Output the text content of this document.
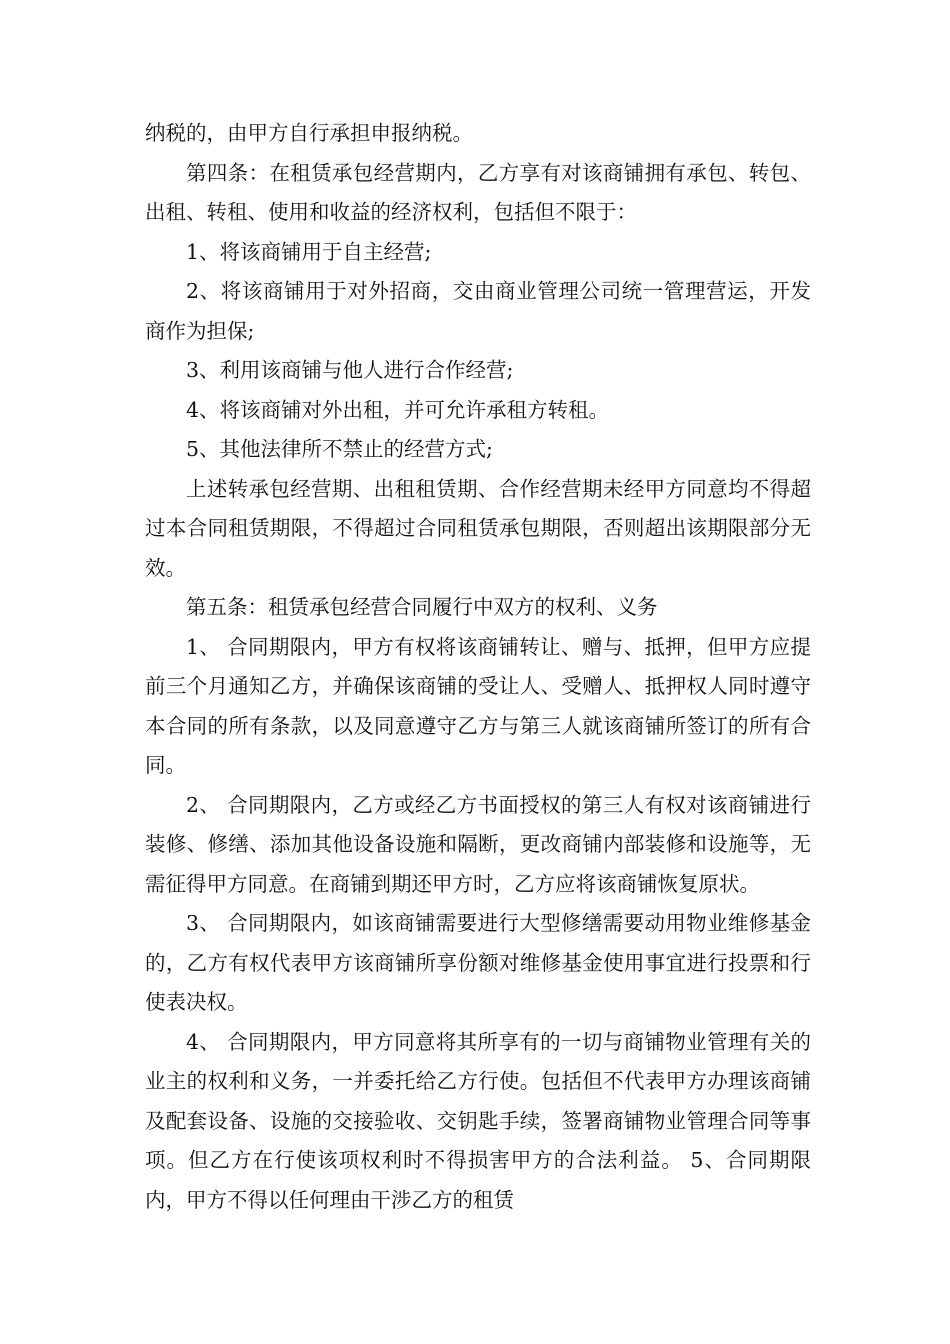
纳税的，由甲方自行承担申报纳税。

第四条：在租赁承包经营期内，乙方享有对该商铺拥有承包、转包、出租、转租、使用和收益的经济权利，包括但不限于：

1、将该商铺用于自主经营;

2、将该商铺用于对外招商，交由商业管理公司统一管理营运，开发商作为担保;

3、利用该商铺与他人进行合作经营;

4、将该商铺对外出租，并可允许承租方转租。

5、其他法律所不禁止的经营方式;

上述转承包经营期、出租租赁期、合作经营期未经甲方同意均不得超过本合同租赁期限，不得超过合同租赁承包期限，否则超出该期限部分无效。

第五条：租赁承包经营合同履行中双方的权利、义务

1、 合同期限内，甲方有权将该商铺转让、赠与、抵押，但甲方应提前三个月通知乙方，并确保该商铺的受让人、受赠人、抵押权人同时遵守本合同的所有条款，以及同意遵守乙方与第三人就该商铺所签订的所有合同。

2、 合同期限内，乙方或经乙方书面授权的第三人有权对该商铺进行装修、修缮、添加其他设备设施和隔断，更改商铺内部装修和设施等，无需征得甲方同意。在商铺到期还甲方时，乙方应将该商铺恢复原状。

3、 合同期限内，如该商铺需要进行大型修缮需要动用物业维修基金的，乙方有权代表甲方该商铺所享份额对维修基金使用事宜进行投票和行使表决权。

4、 合同期限内，甲方同意将其所享有的一切与商铺物业管理有关的业主的权利和义务，一并委托给乙方行使。包括但不代表甲方办理该商铺及配套设备、设施的交接验收、交钥匙手续，签署商铺物业管理合同等事项。但乙方在行使该项权利时不得损害甲方的合法利益。 5、合同期限内，甲方不得以任何理由干涉乙方的租赁
